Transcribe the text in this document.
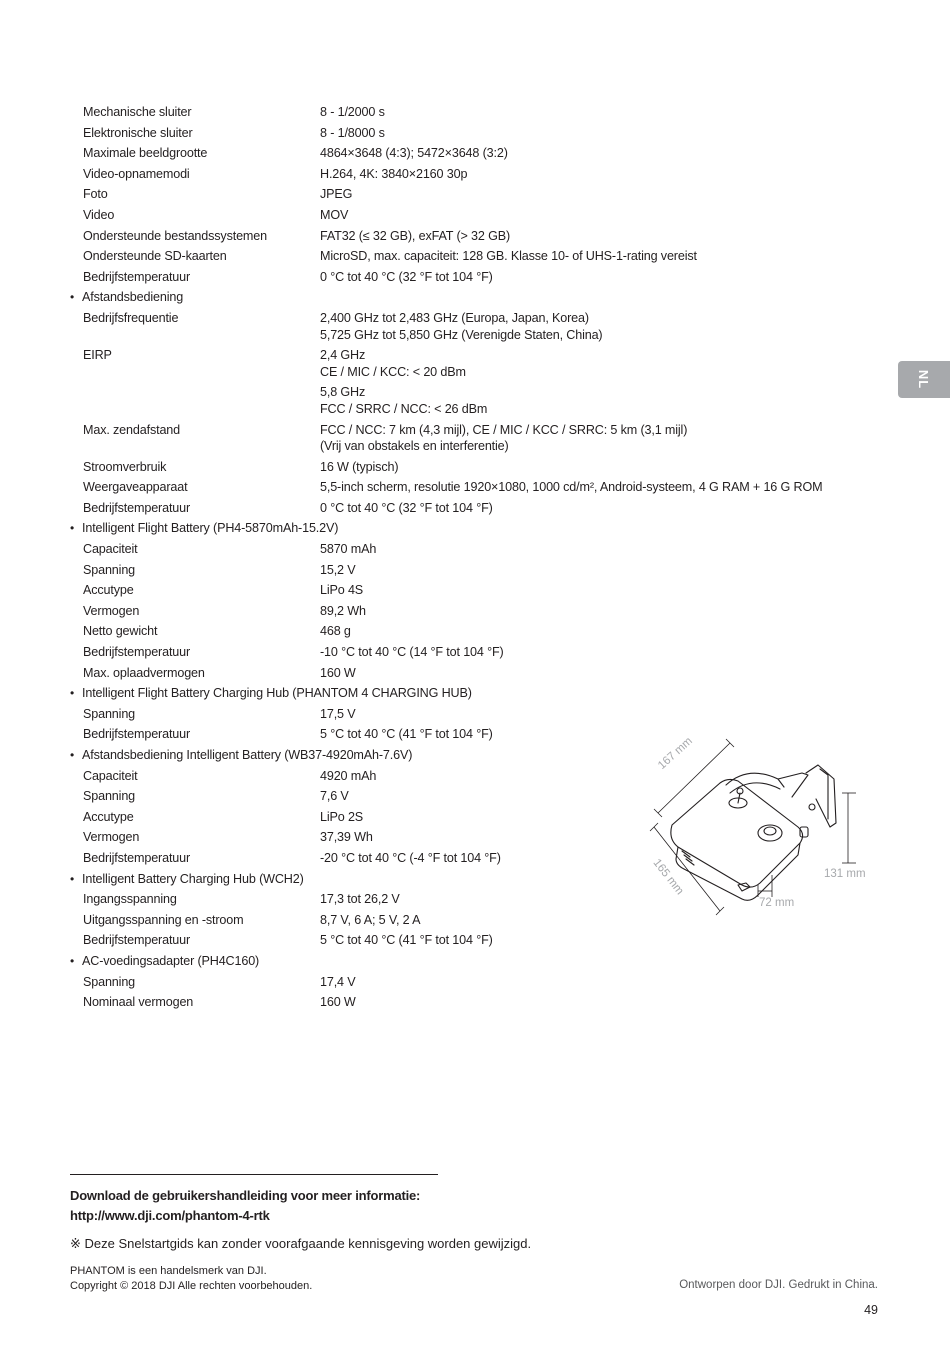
Mechanische sluiter	8 - 1/2000 s
Elektronische sluiter	8 - 1/8000 s
Maximale beeldgrootte	4864×3648 (4:3); 5472×3648 (3:2)
Video-opnamemodi	H.264, 4K: 3840×2160 30p
Foto	JPEG
Video	MOV
Ondersteunde bestandssystemen	FAT32 (≤ 32 GB), exFAT (> 32 GB)
Ondersteunde SD-kaarten	MicroSD, max. capaciteit: 128 GB. Klasse 10- of UHS-1-rating vereist
Bedrijfstemperatuur	0 °C tot 40 °C (32 °F tot 104 °F)
• Afstandsbediening

Bedrijfsfrequentie	2,400 GHz tot 2,483 GHz (Europa, Japan, Korea)
5,725 GHz tot 5,850 GHz (Verenigde Staten, China)
EIRP	2,4 GHz
CE / MIC / KCC: < 20 dBm
5,8 GHz
FCC / SRRC / NCC: < 26 dBm
Max. zendafstand	FCC / NCC: 7 km (4,3 mijl), CE / MIC / KCC / SRRC: 5 km (3,1 mijl)
(Vrij van obstakels en interferentie)
Stroomverbruik	16 W (typisch)
Weergaveapparaat	5,5-inch scherm, resolutie 1920×1080, 1000 cd/m², Android-systeem, 4 G RAM + 16 G ROM
Bedrijfstemperatuur	0 °C tot 40 °C (32 °F tot 104 °F)
• Intelligent Flight Battery (PH4-5870mAh-15.2V)

Capaciteit	5870 mAh
Spanning	15,2 V
Accutype	LiPo 4S
Vermogen	89,2 Wh
Netto gewicht	468 g
Bedrijfstemperatuur	-10 °C tot 40 °C (14 °F tot 104 °F)
Max. oplaadvermogen	160 W
• Intelligent Flight Battery Charging Hub (PHANTOM 4 CHARGING HUB)

Spanning	17,5 V
Bedrijfstemperatuur	5 °C tot 40 °C (41 °F tot 104 °F)
• Afstandsbediening Intelligent Battery (WB37-4920mAh-7.6V)

Capaciteit	4920 mAh
Spanning	7,6 V
Accutype	LiPo 2S
Vermogen	37,39 Wh
Bedrijfstemperatuur	-20 °C tot 40 °C (-4 °F tot 104 °F)
• Intelligent Battery Charging Hub (WCH2)

Ingangsspanning	17,3 tot 26,2 V
Uitgangsspanning en -stroom	8,7 V, 6 A; 5 V, 2 A
Bedrijfstemperatuur	5 °C tot 40 °C (41 °F tot 104 °F)
• AC-voedingsadapter (PH4C160)

Spanning	17,4 V
Nominaal vermogen	160 W
NL
167 mm
165 mm	131 mm
72 mm
Download de gebruikershandleiding voor meer informatie:
http://www.dji.com/phantom-4-rtk
※ Deze Snelstartgids kan zonder voorafgaande kennisgeving worden gewijzigd.
PHANTOM is een handelsmerk van DJI.
Copyright © 2018 DJI Alle rechten voorbehouden.	Ontworpen door DJI. Gedrukt in China.
49
